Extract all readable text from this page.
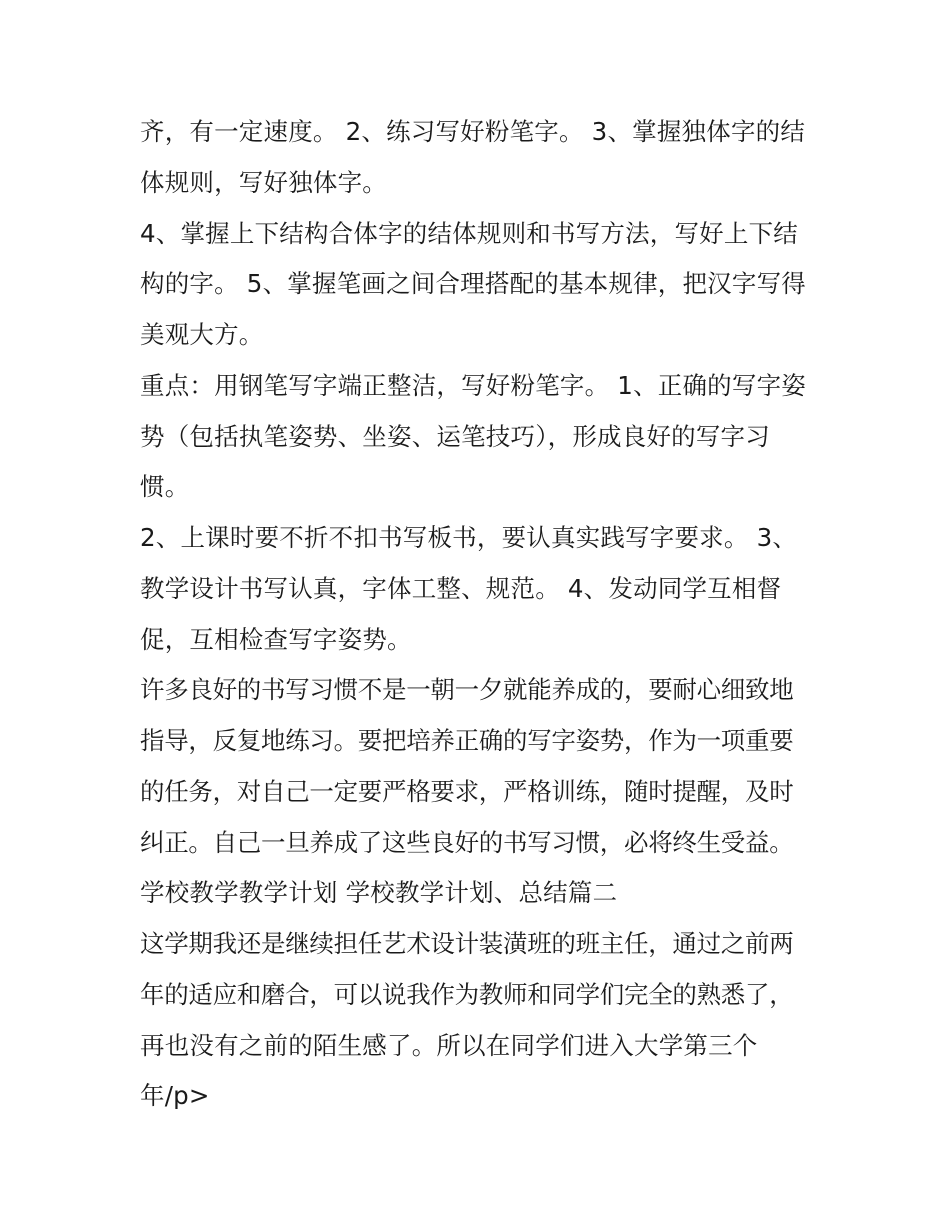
齐，有一定速度。 2、练习写好粉笔字。 3、掌握独体字的结
体规则，写好独体字。
4、掌握上下结构合体字的结体规则和书写方法，写好上下结
构的字。 5、掌握笔画之间合理搭配的基本规律，把汉字写得
美观大方。
重点：用钢笔写字端正整洁，写好粉笔字。 1、正确的写字姿
势（包括执笔姿势、坐姿、运笔技巧），形成良好的写字习
惯。
2、上课时要不折不扣书写板书，要认真实践写字要求。 3、
教学设计书写认真，字体工整、规范。 4、发动同学互相督
促，互相检查写字姿势。
许多良好的书写习惯不是一朝一夕就能养成的，要耐心细致地
指导，反复地练习。要把培养正确的写字姿势，作为一项重要
的任务，对自己一定要严格要求，严格训练，随时提醒，及时
纠正。自己一旦养成了这些良好的书写习惯，必将终生受益。
学校教学教学计划 学校教学计划、总结篇二
这学期我还是继续担任艺术设计装潢班的班主任，通过之前两
年的适应和磨合，可以说我作为教师和同学们完全的熟悉了，
再也没有之前的陌生感了。所以在同学们进入大学第三个
年/p>
